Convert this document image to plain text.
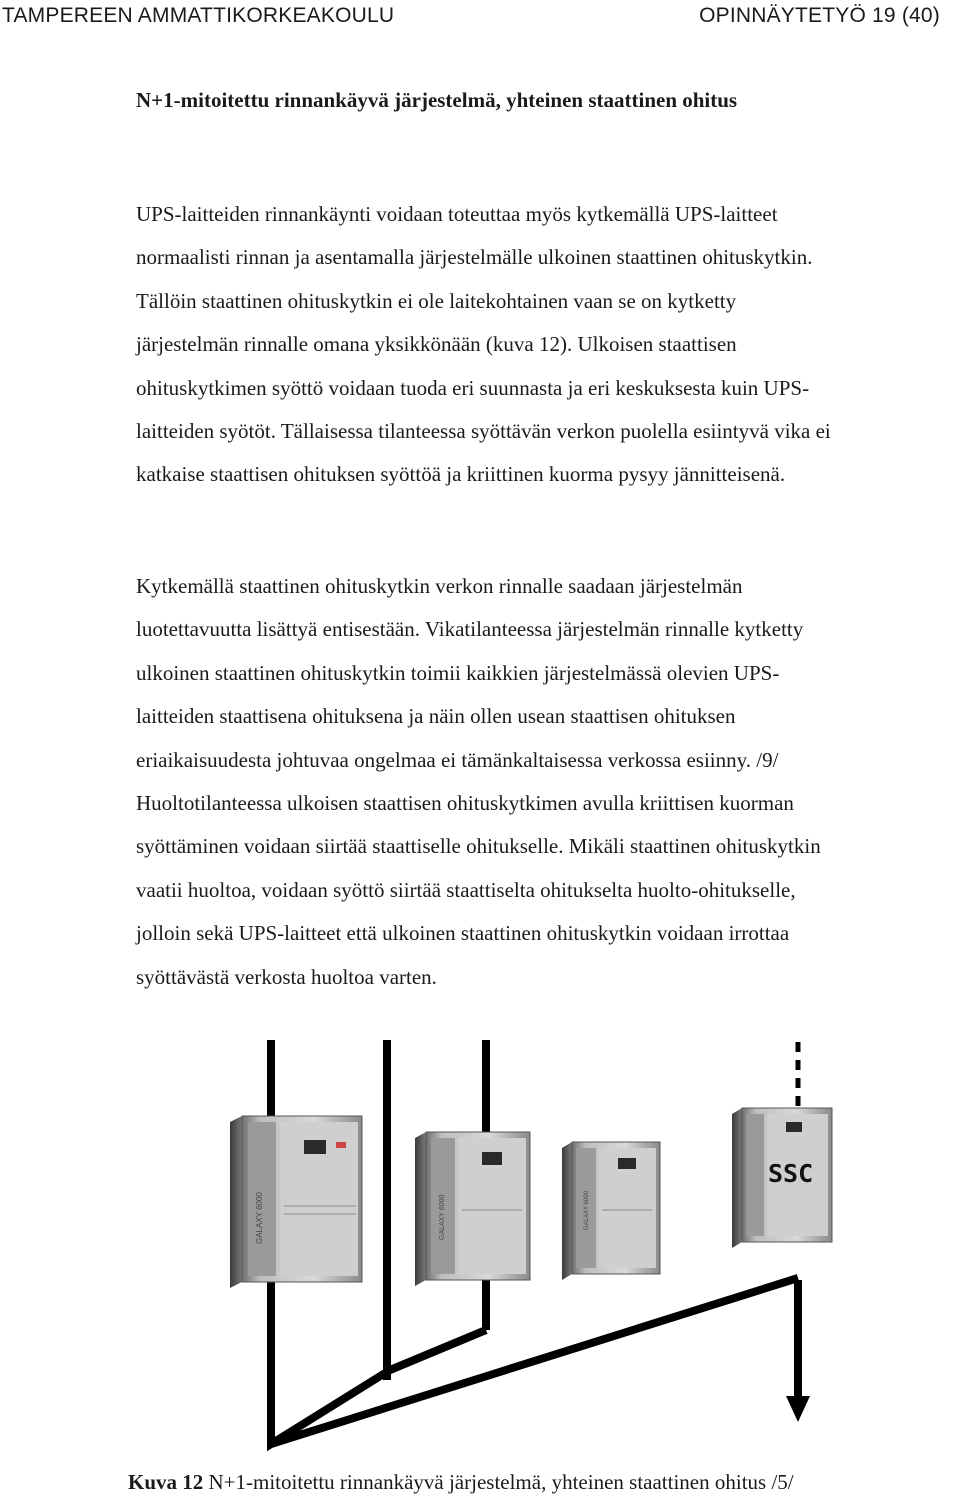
TAMPEREEN AMMATTIKORKEAKOULU	OPINNÄYTETYÖ 19 (40)
N+1-mitoitettu rinnankäyvä järjestelmä, yhteinen staattinen ohitus
UPS-laitteiden rinnankäynti voidaan toteuttaa myös kytkemällä UPS-laitteet
normaalisti rinnan ja asentamalla järjestelmälle ulkoinen staattinen ohituskytkin.
Tällöin staattinen ohituskytkin ei ole laitekohtainen vaan se on kytketty
järjestelmän rinnalle omana yksikkönään (kuva 12). Ulkoisen staattisen
ohituskytkimen syöttö voidaan tuoda eri suunnasta ja eri keskuksesta kuin UPS-
laitteiden syötöt. Tällaisessa tilanteessa syöttävän verkon puolella esiintyvä vika ei
katkaise staattisen ohituksen syöttöä ja kriittinen kuorma pysyy jännitteisenä.
Kytkemällä staattinen ohituskytkin verkon rinnalle saadaan järjestelmän
luotettavuutta lisättyä entisestään. Vikatilanteessa järjestelmän rinnalle kytketty
ulkoinen staattinen ohituskytkin toimii kaikkien järjestelmässä olevien UPS-
laitteiden staattisena ohituksena ja näin ollen usean staattisen ohituksen
eriaikaisuudesta johtuvaa ongelmaa ei tämänkaltaisessa verkossa esiinny. /9/
Huoltotilanteessa ulkoisen staattisen ohituskytkimen avulla kriittisen kuorman
syöttäminen voidaan siirtää staattiselle ohitukselle. Mikäli staattinen ohituskytkin
vaatii huoltoa, voidaan syöttö siirtää staattiselta ohitukselta huolto-ohitukselle,
jolloin sekä UPS-laitteet että ulkoinen staattinen ohituskytkin voidaan irrottaa
syöttävästä verkosta huoltoa varten.
GALAXY 6000	GALAXY 6000	GALAXY 6000
SSC
Kuva 12 N+1-mitoitettu rinnankäyvä järjestelmä, yhteinen staattinen ohitus /5/
